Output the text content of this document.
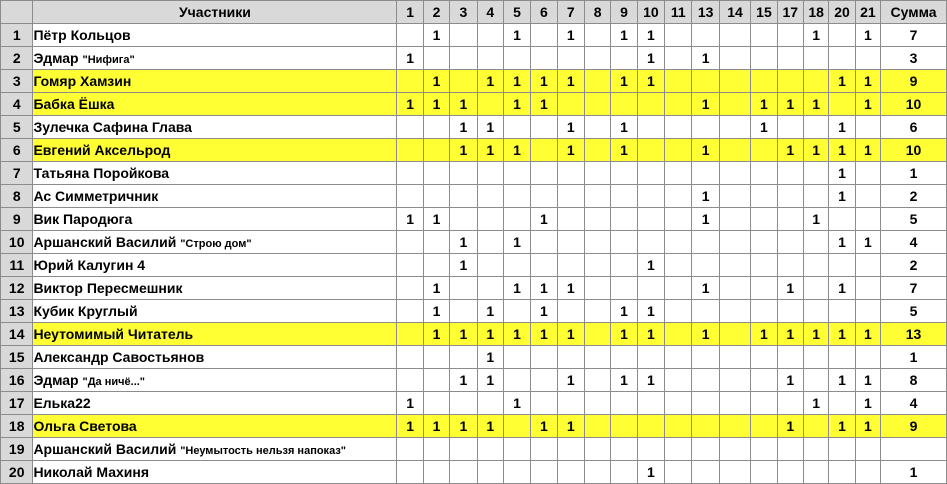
	Участники	1	2	3	4	5	6	7	8	9	10	11	13	14	15	17	18	20	21	Сумма
1	Пётр Кольцов		1			1		1		1	1						1		1	7
2	Эдмар "Нифига"	1									1		1							3
3	Гомяр Хамзин		1		1	1	1	1		1	1							1	1	9
4	Бабка Ёшка	1	1	1		1	1						1		1	1	1		1	10
5	Зулечка Сафина Глава			1	1			1		1					1			1		6
6	Евгений Аксельрод			1	1	1		1		1			1			1	1	1	1	10
7	Татьяна Поройкова																	1		1
8	Ас Симметричник												1					1		2
9	Вик Пародюга	1	1				1						1				1			5
10	Аршанский Василий "Строю дом"			1		1												1	1	4
11	Юрий Калугин 4			1							1									2
12	Виктор Пересмешник		1			1	1	1					1			1		1		7
13	Кубик Круглый		1		1		1			1	1									5
14	Неутомимый Читатель		1	1	1	1	1	1		1	1		1		1	1	1	1	1	13
15	Александр Савостьянов				1															1
16	Эдмар "Да ничё..."			1	1			1		1	1					1		1	1	8
17	Елька22	1				1											1		1	4
18	Ольга Светова	1	1	1	1		1	1								1		1	1	9
19	Аршанский Василий "Неумытость нельзя напоказ"																			
20	Николай Махиня										1									1
